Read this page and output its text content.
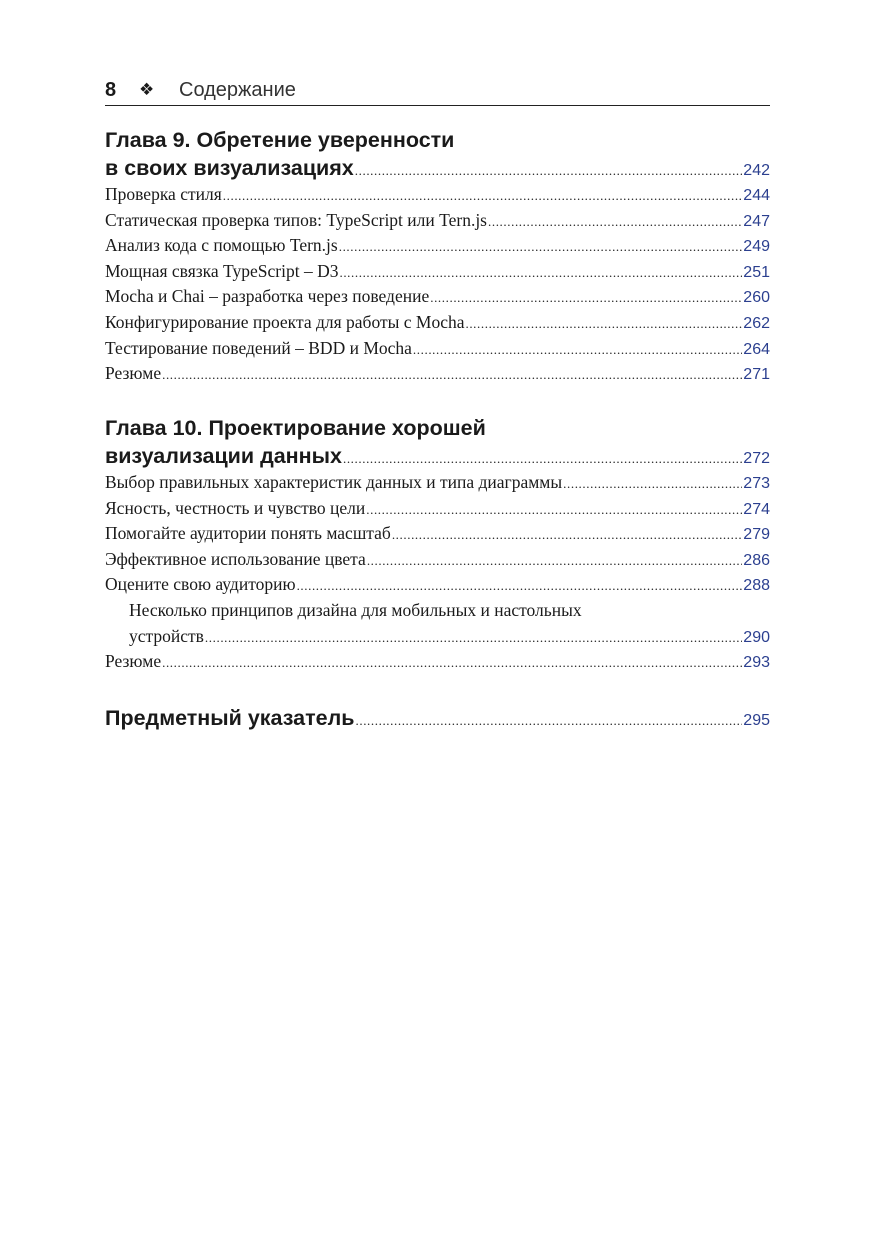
8 ❖ Содержание
Глава 9. Обретение уверенности
в своих визуализациях .....	242
Проверка стиля .....	244
Статическая проверка типов: TypeScript или Tern.js .....	247
Анализ кода с помощью Tern.js .....	249
Мощная связка TypeScript – D3 .....	251
Mocha и Chai – разработка через поведение .....	260
Конфигурирование проекта для работы с Mocha .....	262
Тестирование поведений – BDD и Mocha .....	264
Резюме .....	271
Глава 10. Проектирование хорошей
визуализации данных .....	272
Выбор правильных характеристик данных и типа диаграммы .....	273
Ясность, честность и чувство цели .....	274
Помогайте аудитории понять масштаб .....	279
Эффективное использование цвета .....	286
Оцените свою аудиторию .....	288
Несколько принципов дизайна для мобильных и настольных
устройств .....	290
Резюме .....	293
Предметный указатель .....	295
